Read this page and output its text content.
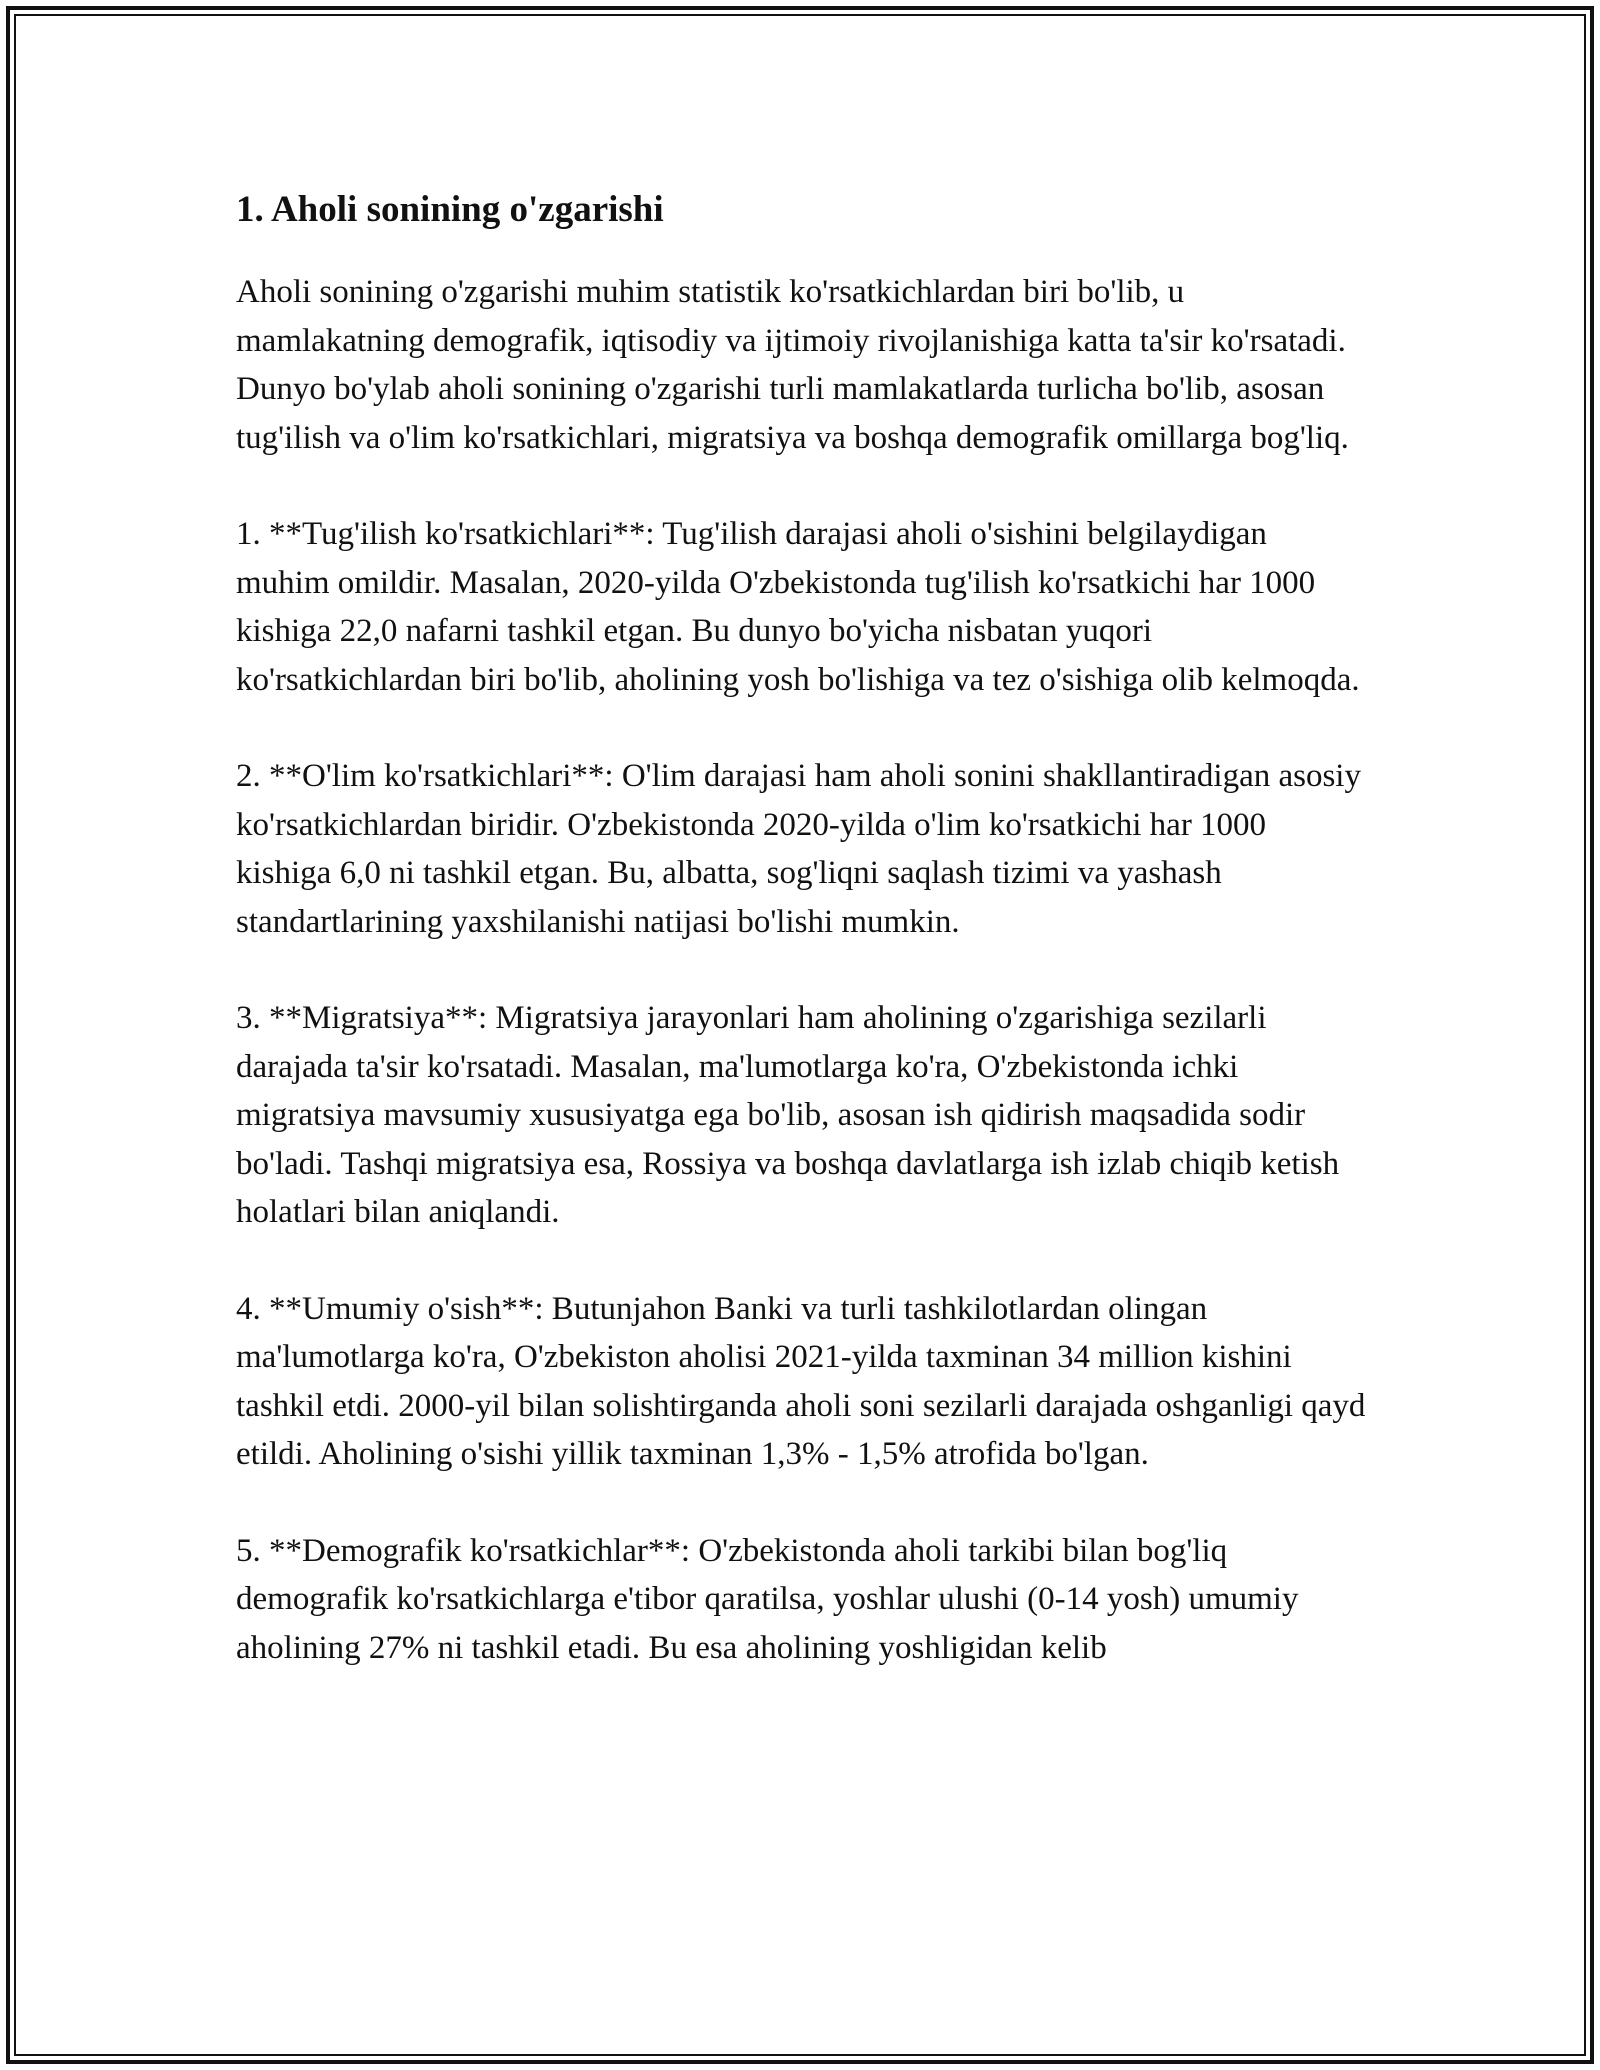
1. Aholi sonining o'zgarishi

Aholi sonining o'zgarishi muhim statistik ko'rsatkichlardan biri bo'lib, u mamlakatning demografik, iqtisodiy va ijtimoiy rivojlanishiga katta ta'sir ko'rsatadi. Dunyo bo'ylab aholi sonining o'zgarishi turli mamlakatlarda turlicha bo'lib, asosan tug'ilish va o'lim ko'rsatkichlari, migratsiya va boshqa demografik omillarga bog'liq.

1. **Tug'ilish ko'rsatkichlari**: Tug'ilish darajasi aholi o'sishini belgilaydigan muhim omildir. Masalan, 2020-yilda O'zbekistonda tug'ilish ko'rsatkichi har 1000 kishiga 22,0 nafarni tashkil etgan. Bu dunyo bo'yicha nisbatan yuqori ko'rsatkichlardan biri bo'lib, aholining yosh bo'lishiga va tez o'sishiga olib kelmoqda.

2. **O'lim ko'rsatkichlari**: O'lim darajasi ham aholi sonini shakllantiradigan asosiy ko'rsatkichlardan biridir. O'zbekistonda 2020-yilda o'lim ko'rsatkichi har 1000 kishiga 6,0 ni tashkil etgan. Bu, albatta, sog'liqni saqlash tizimi va yashash standartlarining yaxshilanishi natijasi bo'lishi mumkin.

3. **Migratsiya**: Migratsiya jarayonlari ham aholining o'zgarishiga sezilarli darajada ta'sir ko'rsatadi. Masalan, ma'lumotlarga ko'ra, O'zbekistonda ichki migratsiya mavsumiy xususiyatga ega bo'lib, asosan ish qidirish maqsadida sodir bo'ladi. Tashqi migratsiya esa, Rossiya va boshqa davlatlarga ish izlab chiqib ketish holatlari bilan aniqlandi.

4. **Umumiy o'sish**: Butunjahon Banki va turli tashkilotlardan olingan ma'lumotlarga ko'ra, O'zbekiston aholisi 2021-yilda taxminan 34 million kishini tashkil etdi. 2000-yil bilan solishtirganda aholi soni sezilarli darajada oshganligi qayd etildi. Aholining o'sishi yillik taxminan 1,3% - 1,5% atrofida bo'lgan.

5. **Demografik ko'rsatkichlar**: O'zbekistonda aholi tarkibi bilan bog'liq demografik ko'rsatkichlarga e'tibor qaratilsa, yoshlar ulushi (0-14 yosh) umumiy aholining 27% ni tashkil etadi. Bu esa aholining yoshligidan kelib
